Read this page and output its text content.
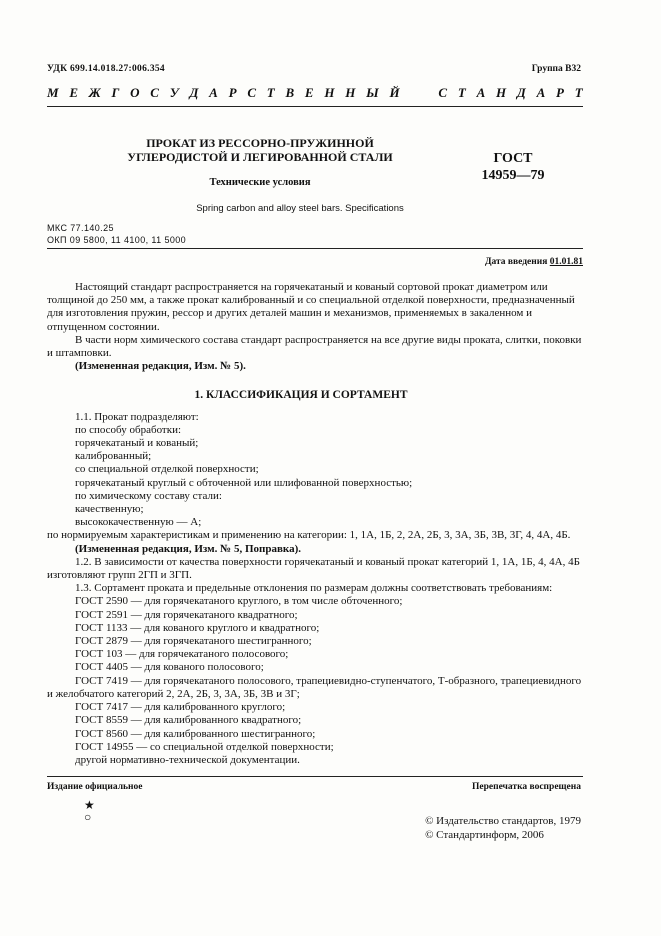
УДК 699.14.018.27:006.354	Группа В32
М Е Ж Г О С У Д А Р С Т В Е Н Н Ы Й

	С Т А Н Д А Р Т
ПРОКАТ ИЗ РЕССОРНО-ПРУЖИННОЙ
УГЛЕРОДИСТОЙ И ЛЕГИРОВАННОЙ СТАЛИ
Технические условия
ГОСТ
14959—79
Spring carbon and alloy steel bars. Specifications
МКС 77.140.25
ОКП 09 5800, 11 4100, 11 5000
Дата введения 01.01.81

Настоящий стандарт распространяется на горячекатаный и кованый сортовой прокат диаметром или толщиной до 250 мм, а также прокат калиброванный и со специальной отделкой поверхности, предназначенный для изготовления пружин, рессор и других деталей машин и механизмов, применяемых в закаленном и отпущенном состоянии.

В части норм химического состава стандарт распространяется на все другие виды проката, слитки, поковки и штамповки.

(Измененная редакция, Изм. № 5).

1. КЛАССИФИКАЦИЯ И СОРТАМЕНТ

1.1. Прокат подразделяют:

по способу обработки:

горячекатаный и кованый;

калиброванный;

со специальной отделкой поверхности;

горячекатаный круглый с обточенной или шлифованной поверхностью;

по химическому составу стали:

качественную;

высококачественную — А;

по нормируемым характеристикам и применению на категории: 1, 1А, 1Б, 2, 2А, 2Б, 3, 3А, 3Б, 3В, 3Г, 4, 4А, 4Б.

(Измененная редакция, Изм. № 5, Поправка).

1.2. В зависимости от качества поверхности горячекатаный и кованый прокат категорий 1, 1А, 1Б, 4, 4А, 4Б изготовляют групп 2ГП и 3ГП.

1.3. Сортамент проката и предельные отклонения по размерам должны соответствовать требованиям:

ГОСТ 2590 — для горячекатаного круглого, в том числе обточенного;

ГОСТ 2591 — для горячекатаного квадратного;

ГОСТ 1133 — для кованого круглого и квадратного;

ГОСТ 2879 — для горячекатаного шестигранного;

ГОСТ 103 — для горячекатаного полосового;

ГОСТ 4405 — для кованого полосового;

ГОСТ 7419 — для горячекатаного полосового, трапециевидно-ступенчатого, Т-образного, трапециевидного и желобчатого категорий 2, 2А, 2Б, 3, 3А, 3Б, 3В и 3Г;

ГОСТ 7417 — для калиброванного круглого;

ГОСТ 8559 — для калиброванного квадратного;

ГОСТ 8560 — для калиброванного шестигранного;

ГОСТ 14955 — со специальной отделкой поверхности;

другой нормативно-технической документации.

Издание официальное	Перепечатка воспрещена
★
○	© Издательство стандартов, 1979
© Стандартинформ, 2006
